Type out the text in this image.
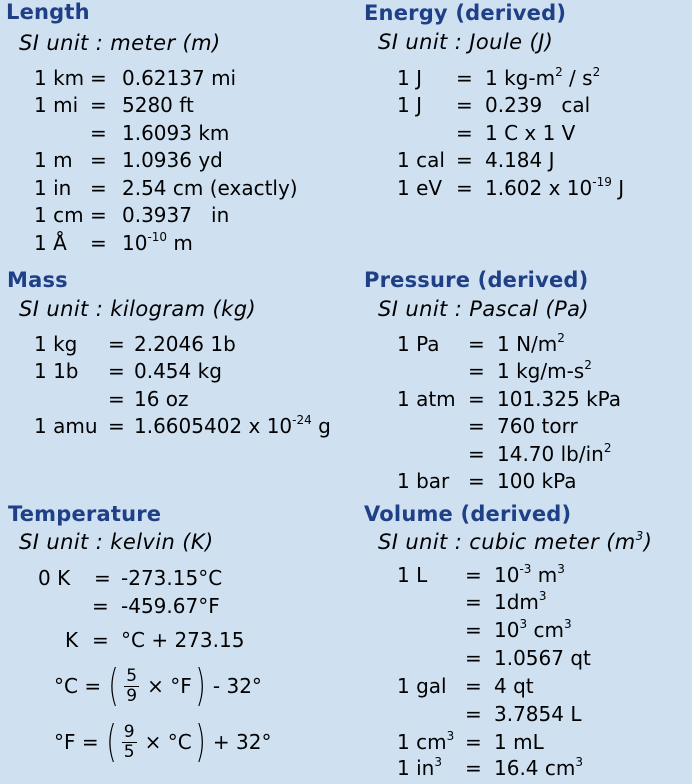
Length
SI unit : meter (m)
1 km = 0.62137 mi
1 mi = 5280 ft
= 1.6093 km
1 m = 1.0936 yd
1 in = 2.54 cm (exactly)
1 cm = 0.3937   in
1 Å = $10^{-10}$ m
Energy (derived)
SI unit : Joule (J)
1 J = 1 $kg-m^2 / s^2$
1 J = 0.239   cal
= 1 C x 1 V
1 cal = 4.184 J
1 eV = 1.602 x $10^{-19}$ J
Mass
SI unit : kilogram (kg)
1 kg = 2.2046 1b
1 1b = 0.454 kg
= 16 oz
1 amu = 1.6605402 x $10^{-24}$ g
Pressure (derived)
SI unit : Pascal (Pa)
1 Pa = 1 $N/m^2$
= 1 $kg/m-s^2$
1 atm = 101.325 kPa
= 760 torr
= 14.70 $lb/in^2$
1 bar = 100 kPa
Temperature
SI unit : kelvin (K)
0 K = -273.15°C
= -459.67°F
K = °C + 273.15
°C = ( $\frac{5}{9} \times ^\circ F$ ) - 32°
°F = ( $\frac{9}{5} \times ^\circ C$ ) + 32°
Volume (derived)
SI unit : cubic meter $(m^3)$
1 $L = 10^{-3}$ $m^3$
= $1dm^3$
= $10^3$ $cm^3$
= 1.0567 qt
1 gal = 4 qt
= 3.7854 L
1 $cm^3 = 1$ mL
1 $in^3 = 16.4$ $cm^3$
